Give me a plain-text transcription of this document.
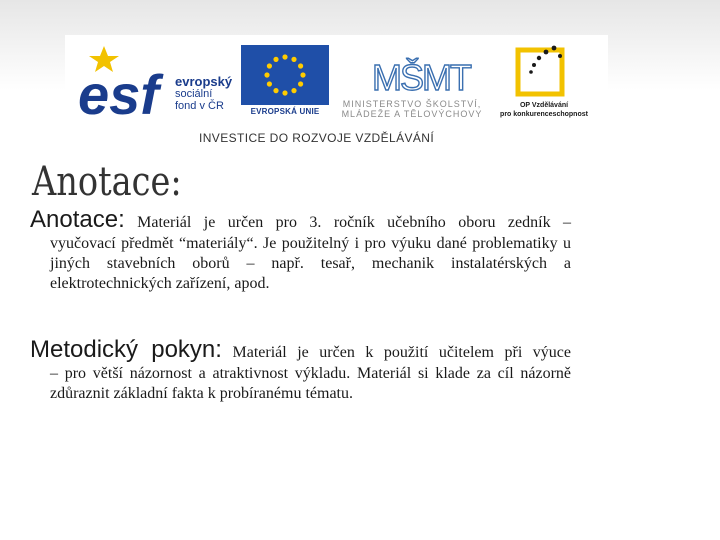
esf	evropský
sociální
fond v ČR	EVROPSKÁ UNIE
MŠMT
MINISTERSTVO ŠKOLSTVÍ,
MLÁDEŽE A TĚLOVÝCHOVY
OP Vzdělávání
pro konkurenceschopnost
INVESTICE DO ROZVOJE VZDĚLÁVÁNÍ
Anotace:

Anotace: Materiál je určen pro 3. ročník učebního oboru zedník –
vyučovací předmět “materiály“. Je použitelný i pro výuku dané problematiky u jiných stavebních oborů – např. tesař, mechanik instalatérských a elektrotechnických zařízení, apod.

Metodický pokyn: Materiál je určen k použití učitelem při výuce
– pro větší názornost a atraktivnost výkladu. Materiál si klade za cíl názorně zdůraznit základní fakta k probíranému tématu.
